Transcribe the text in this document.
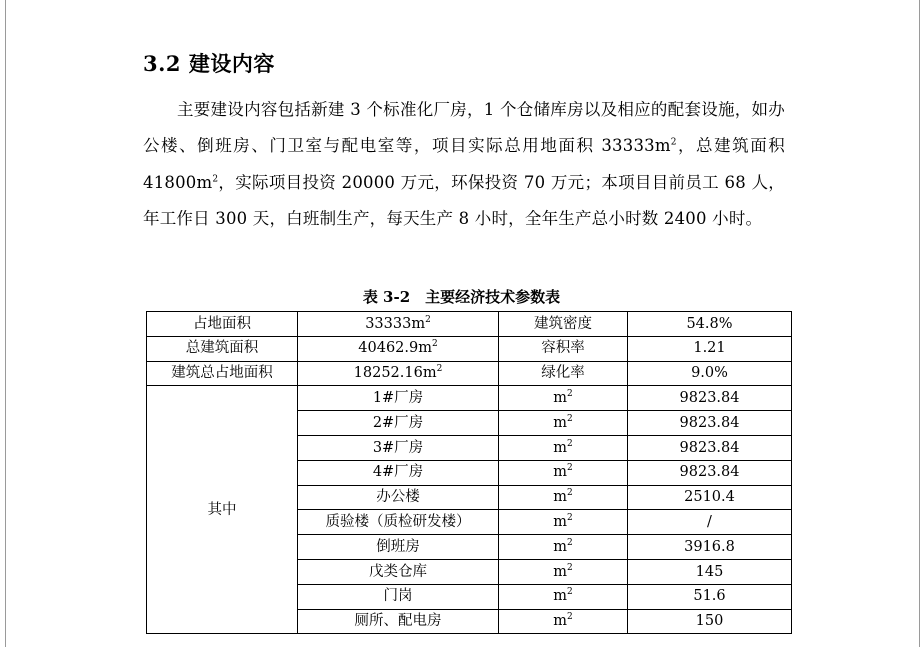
3.2 建设内容
主要建设内容包括新建 3 个标准化厂房，1 个仓储库房以及相应的配套设施，如办公楼、倒班房、门卫室与配电室等，项目实际总用地面积 $33333m^2$，总建筑面积 $41800m^2$，实际项目投资 20000 万元，环保投资 70 万元；本项目目前员工 68 人，年工作日 300 天，白班制生产，每天生产 8 小时，全年生产总小时数 2400 小时。
表 3-2　主要经济技术参数表
占地面积	$33333m^2$	建筑密度	54.8%
总建筑面积	$40462.9m^2$	容积率	1.21
建筑总占地面积	$18252.16m^2$	绿化率	9.0%
其中	1#厂房	$m^2$	9823.84
	2#厂房	$m^2$	9823.84
	3#厂房	$m^2$	9823.84
	4#厂房	$m^2$	9823.84
	办公楼	$m^2$	2510.4
	质验楼（质检研发楼）	$m^2$	/
	倒班房	$m^2$	3916.8
	戊类仓库	$m^2$	145
	门岗	$m^2$	51.6
	厕所、配电房	$m^2$	150
